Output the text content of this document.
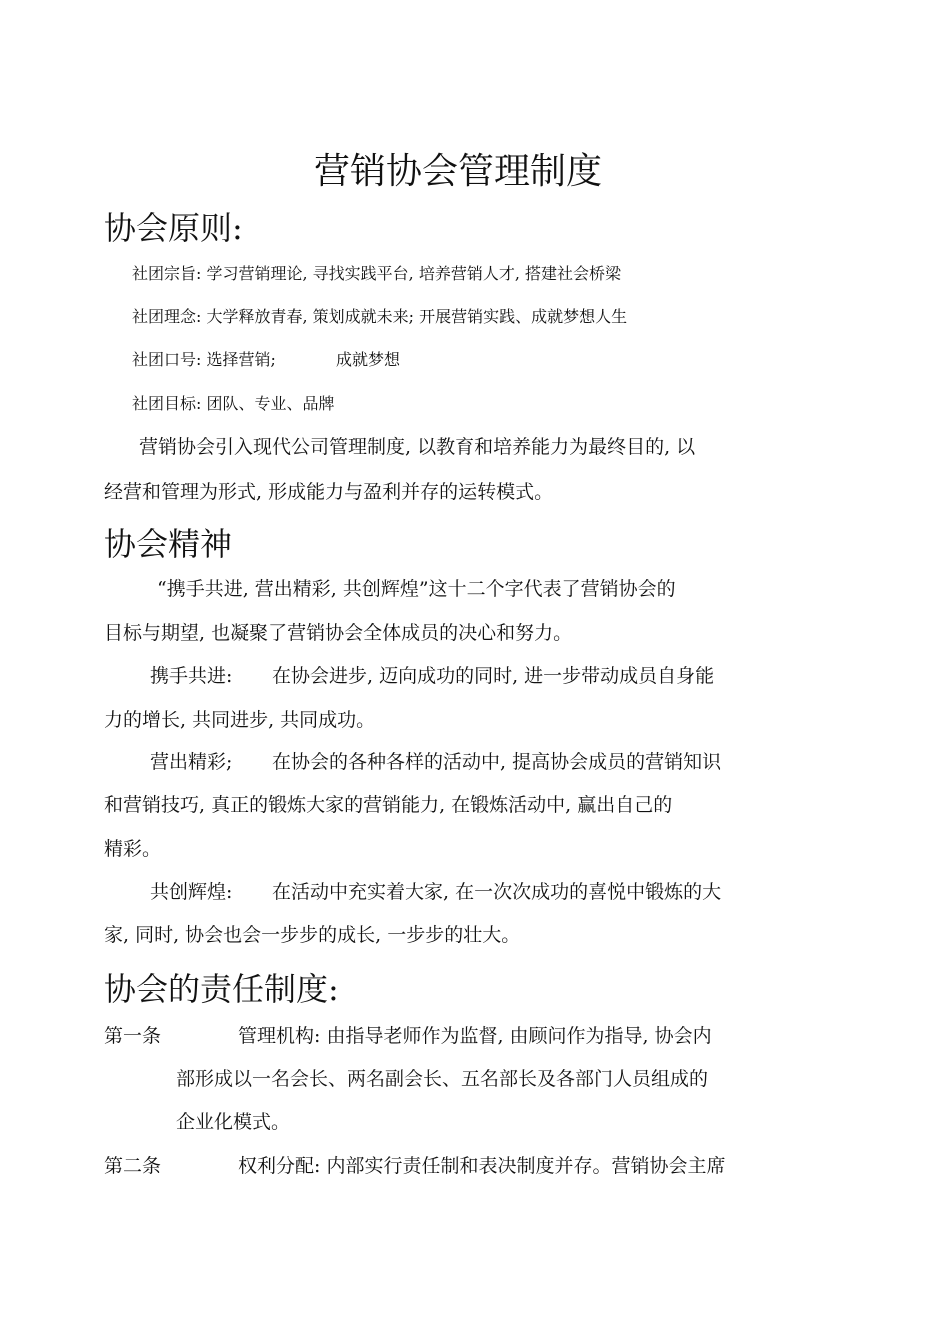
营销协会管理制度
协会原则:

社团宗旨: 学习营销理论, 寻找实践平台, 培养营销人才, 搭建社会桥梁

社团理念: 大学释放青春, 策划成就未来; 开展营销实践、成就梦想人生

社团口号: 选择营销;	成就梦想

社团目标: 团队、专业、品牌

营销协会引入现代公司管理制度, 以教育和培养能力为最终目的, 以

经营和管理为形式, 形成能力与盈利并存的运转模式。

协会精神

“携手共进, 营出精彩, 共创辉煌”这十二个字代表了营销协会的

目标与期望, 也凝聚了营销协会全体成员的决心和努力。

携手共进: 在协会进步, 迈向成功的同时, 进一步带动成员自身能

力的增长, 共同进步, 共同成功。

营出精彩; 在协会的各种各样的活动中, 提高协会成员的营销知识

和营销技巧, 真正的锻炼大家的营销能力, 在锻炼活动中, 赢出自己的

精彩。

共创辉煌: 在活动中充实着大家, 在一次次成功的喜悦中锻炼的大

家, 同时, 协会也会一步步的成长, 一步步的壮大。

协会的责任制度:

第一条	管理机构: 由指导老师作为监督, 由顾问作为指导, 协会内

部形成以一名会长、两名副会长、五名部长及各部门人员组成的

企业化模式。

第二条	权利分配: 内部实行责任制和表决制度并存。营销协会主席
